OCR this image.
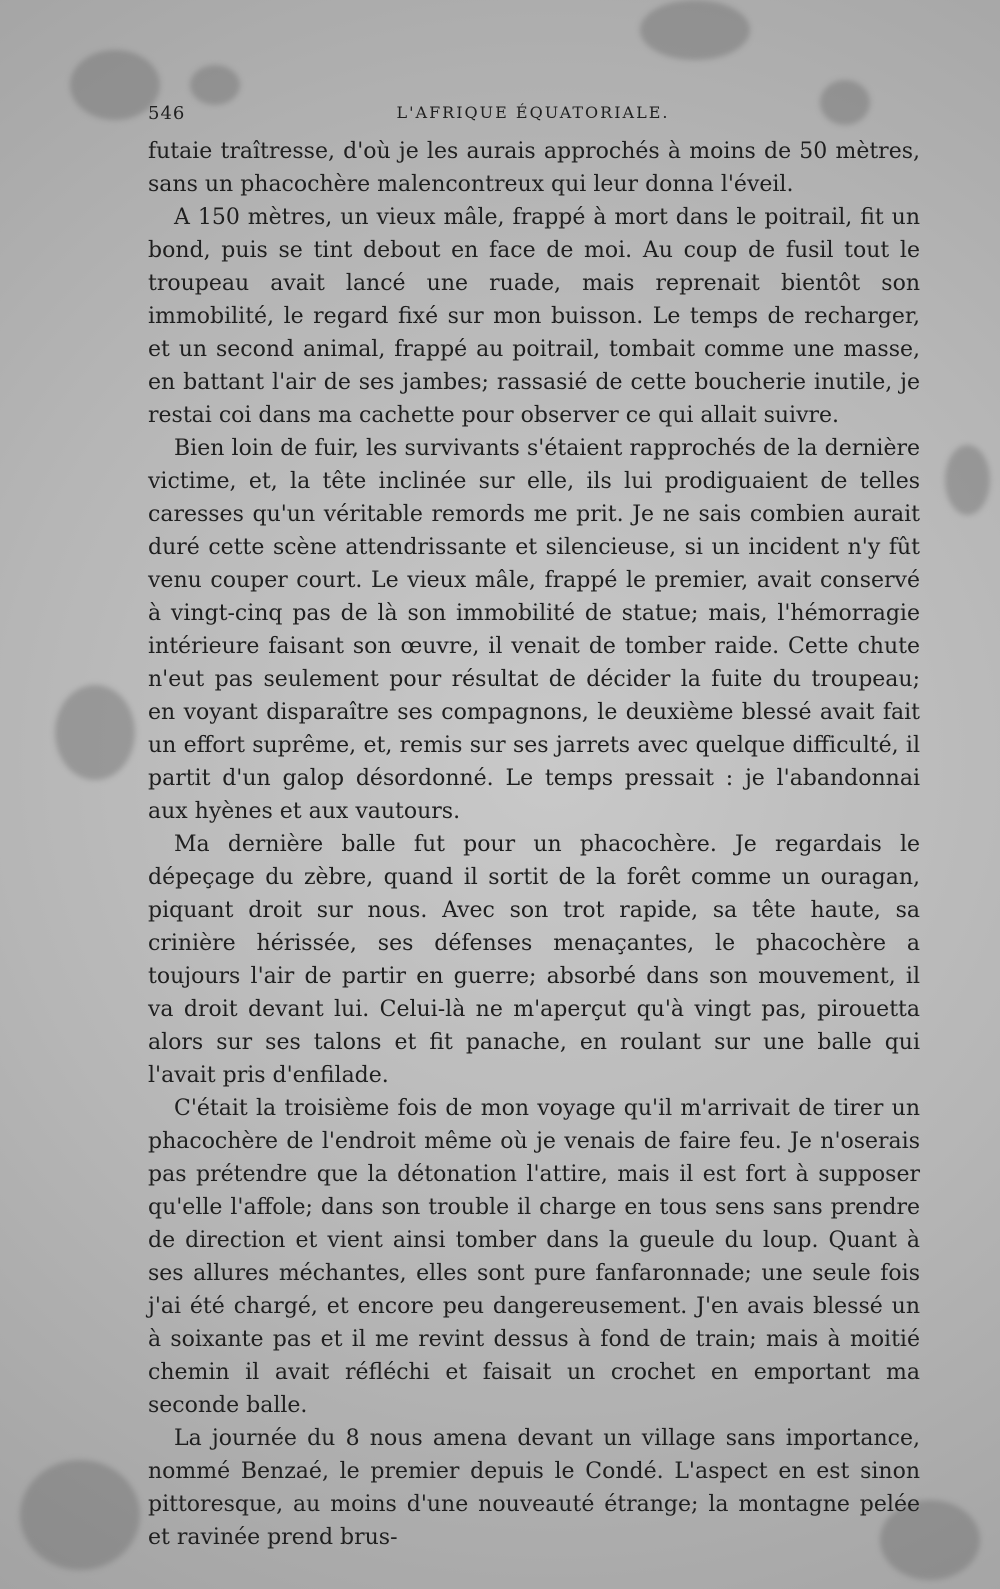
546	L'AFRIQUE ÉQUATORIALE.

futaie traîtresse, d'où je les aurais approchés à moins de 50 mètres, sans un phacochère malencontreux qui leur donna l'éveil.

A 150 mètres, un vieux mâle, frappé à mort dans le poitrail, fit un bond, puis se tint debout en face de moi. Au coup de fusil tout le troupeau avait lancé une ruade, mais reprenait bientôt son immobilité, le regard fixé sur mon buisson. Le temps de recharger, et un second animal, frappé au poitrail, tombait comme une masse, en battant l'air de ses jambes; rassasié de cette boucherie inutile, je restai coi dans ma cachette pour observer ce qui allait suivre.

Bien loin de fuir, les survivants s'étaient rapprochés de la dernière victime, et, la tête inclinée sur elle, ils lui prodiguaient de telles caresses qu'un véritable remords me prit. Je ne sais combien aurait duré cette scène attendrissante et silencieuse, si un incident n'y fût venu couper court. Le vieux mâle, frappé le premier, avait conservé à vingt-cinq pas de là son immobilité de statue; mais, l'hémorragie intérieure faisant son œuvre, il venait de tomber raide. Cette chute n'eut pas seulement pour résultat de décider la fuite du troupeau; en voyant disparaître ses compagnons, le deuxième blessé avait fait un effort suprême, et, remis sur ses jarrets avec quelque difficulté, il partit d'un galop désordonné. Le temps pressait : je l'abandonnai aux hyènes et aux vautours.

Ma dernière balle fut pour un phacochère. Je regardais le dépeçage du zèbre, quand il sortit de la forêt comme un ouragan, piquant droit sur nous. Avec son trot rapide, sa tête haute, sa crinière hérissée, ses défenses menaçantes, le phacochère a toujours l'air de partir en guerre; absorbé dans son mouvement, il va droit devant lui. Celui-là ne m'aperçut qu'à vingt pas, pirouetta alors sur ses talons et fit panache, en roulant sur une balle qui l'avait pris d'enfilade.

C'était la troisième fois de mon voyage qu'il m'arrivait de tirer un phacochère de l'endroit même où je venais de faire feu. Je n'oserais pas prétendre que la détonation l'attire, mais il est fort à supposer qu'elle l'affole; dans son trouble il charge en tous sens sans prendre de direction et vient ainsi tomber dans la gueule du loup. Quant à ses allures méchantes, elles sont pure fanfaronnade; une seule fois j'ai été chargé, et encore peu dangereusement. J'en avais blessé un à soixante pas et il me revint dessus à fond de train; mais à moitié chemin il avait réfléchi et faisait un crochet en emportant ma seconde balle.

La journée du 8 nous amena devant un village sans importance, nommé Benzaé, le premier depuis le Condé. L'aspect en est sinon pittoresque, au moins d'une nouveauté étrange; la montagne pelée et ravinée prend brus-
